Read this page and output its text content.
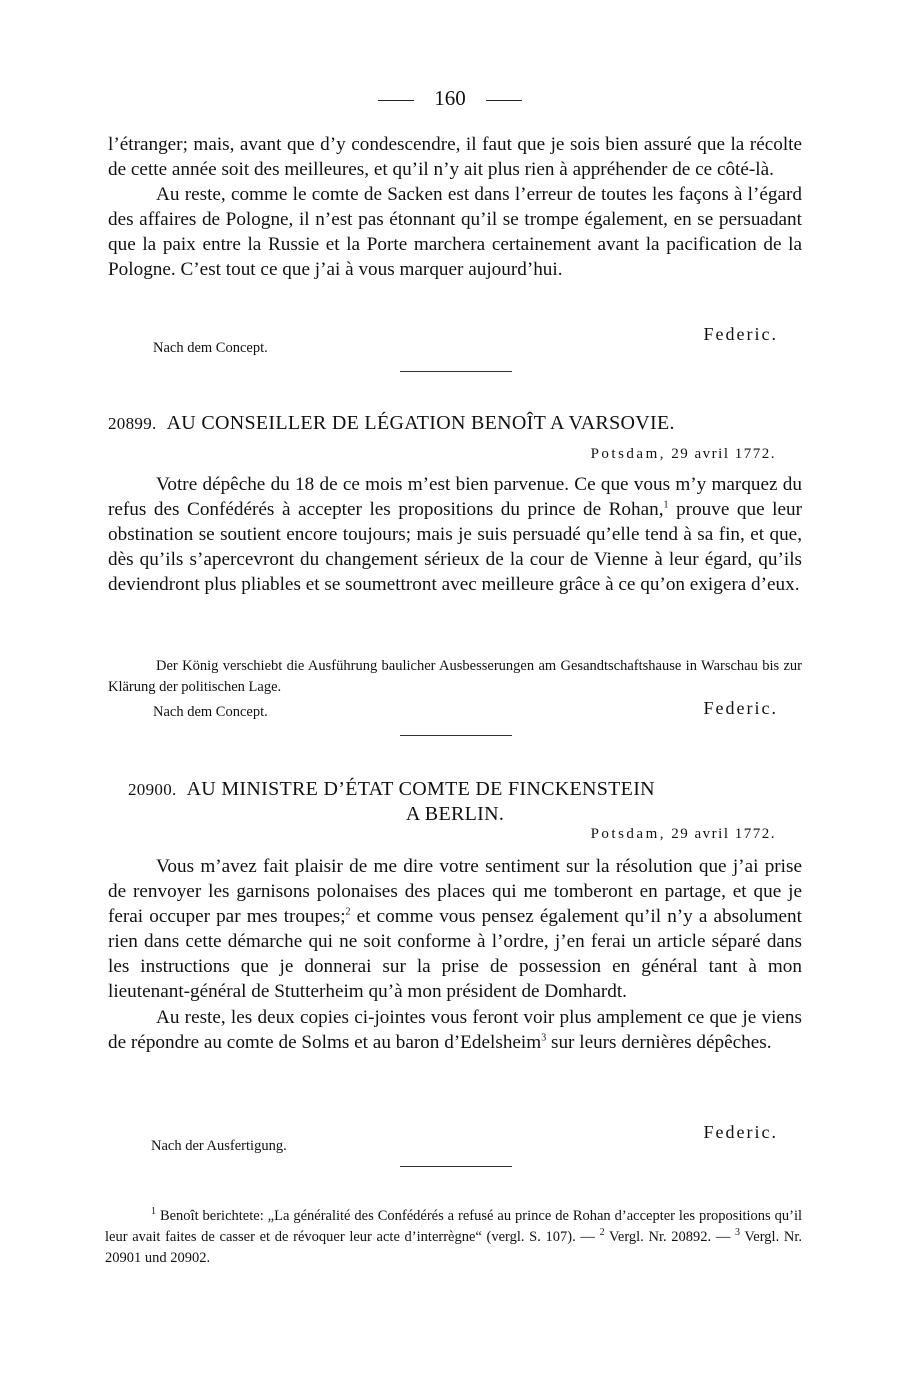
160

l’étranger; mais, avant que d’y condescendre, il faut que je sois bien assuré que la récolte de cette année soit des meilleures, et qu’il n’y ait plus rien à appréhender de ce côté-là.

Au reste, comme le comte de Sacken est dans l’erreur de toutes les façons à l’égard des affaires de Pologne, il n’est pas étonnant qu’il se trompe également, en se persuadant que la paix entre la Russie et la Porte marchera certainement avant la pacification de la Pologne. C’est tout ce que j’ai à vous marquer aujourd’hui.

Federic.
Nach dem Concept.
20899. AU CONSEILLER DE LÉGATION BENOÎT A VARSOVIE.
Potsdam, 29 avril 1772.

Votre dépêche du 18 de ce mois m’est bien parvenue. Ce que vous m’y marquez du refus des Confédérés à accepter les propositions du prince de Rohan,$^1$ prouve que leur obstination se soutient encore toujours; mais je suis persuadé qu’elle tend à sa fin, et que, dès qu’ils s’apercevront du changement sérieux de la cour de Vienne à leur égard, qu’ils deviendront plus pliables et se soumettront avec meilleure grâce à ce qu’on exigera d’eux.

Der König verschiebt die Ausführung baulicher Ausbesserungen am Gesandtschaftshause in Warschau bis zur Klärung der politischen Lage.
Nach dem Concept.	Federic.
20900. AU MINISTRE D’ÉTAT COMTE DE FINCKENSTEIN
A BERLIN.
Potsdam, 29 avril 1772.

Vous m’avez fait plaisir de me dire votre sentiment sur la résolution que j’ai prise de renvoyer les garnisons polonaises des places qui me tomberont en partage, et que je ferai occuper par mes troupes;$^2$ et comme vous pensez également qu’il n’y a absolument rien dans cette démarche qui ne soit conforme à l’ordre, j’en ferai un article séparé dans les instructions que je donnerai sur la prise de possession en général tant à mon lieutenant-général de Stutterheim qu’à mon président de Domhardt.

Au reste, les deux copies ci-jointes vous feront voir plus amplement ce que je viens de répondre au comte de Solms et au baron d’Edelsheim$^3$ sur leurs dernières dépêches.

Federic.
Nach der Ausfertigung.
$^1$ Benoît berichtete: „La généralité des Confédérés a refusé au prince de Rohan d’accepter les propositions qu’il leur avait faites de casser et de révoquer leur acte d’interrègne“ (vergl. S. 107). — $^2$ Vergl. Nr. 20892. — $^3$ Vergl. Nr. 20901 und 20902.
